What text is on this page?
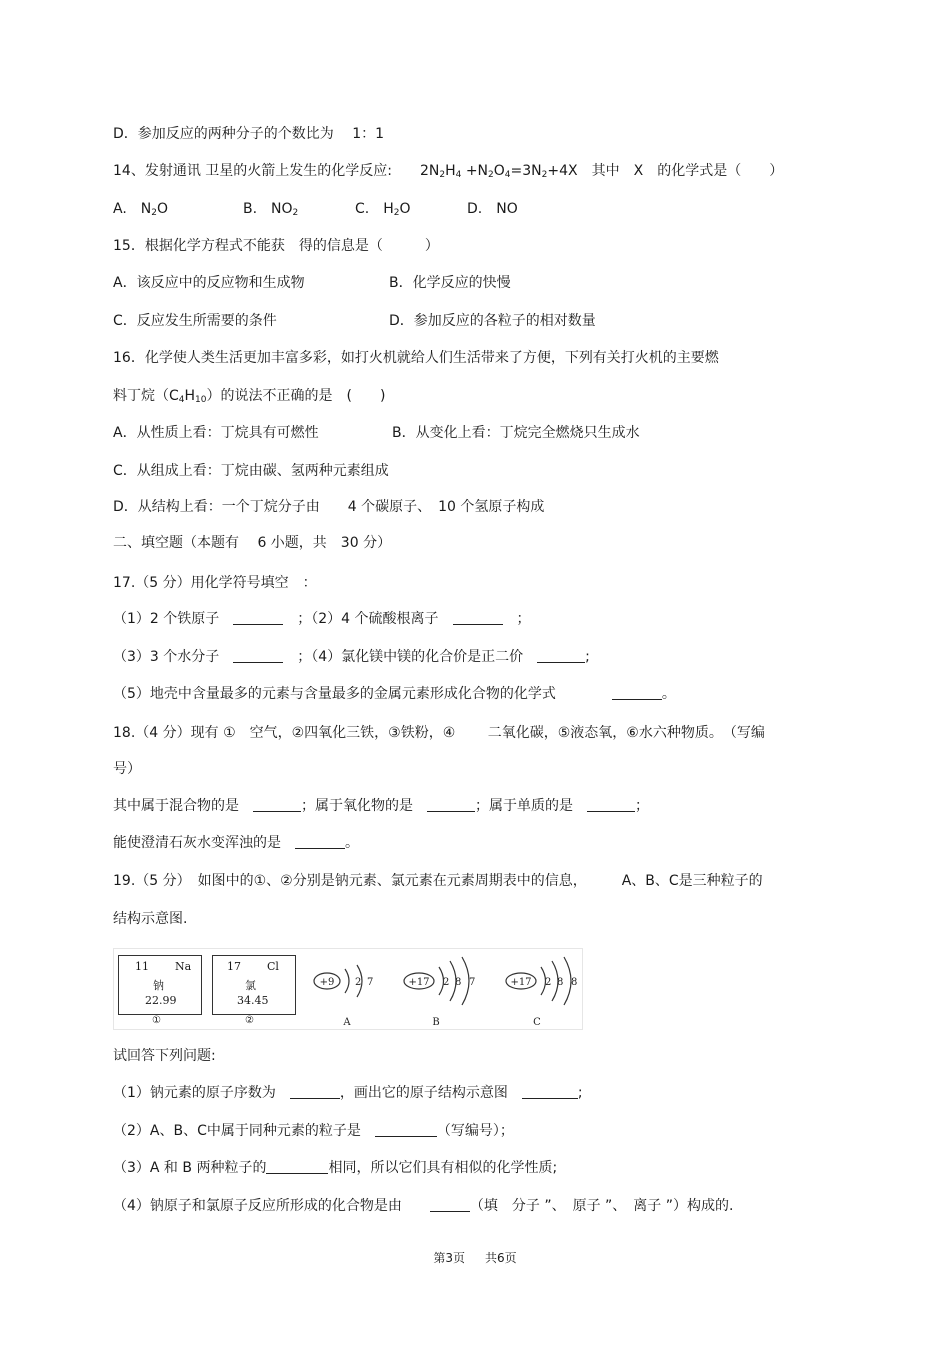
D．参加反应的两种分子的个数比为　 1：1
14、发射通讯 卫星的火箭上发生的化学反应:　　$2N_2H_4 +N_2O_4=3N_2+4X$　其中　X　的化学式是（　　）
A.　$N_2O$	B.　$NO_2$	C.　$H_2O$	D.　NO
15．根据化学方程式不能获　得的信息是（　　　）
A．该反应中的反应物和生成物	B．化学反应的快慢
C．反应发生所需要的条件	D．参加反应的各粒子的相对数量
16．化学使人类生活更加丰富多彩，如打火机就给人们生活带来了方便，下列有关打火机的主要燃
料丁烷$(C_4H_{10})$的说法不正确的是　(　　)
A．从性质上看：丁烷具有可燃性	B．从变化上看：丁烷完全燃烧只生成水
C．从组成上看：丁烷由碳、氢两种元素组成
D．从结构上看：一个丁烷分子由　　4 个碳原子、　10 个氢原子构成
二、填空题（本题有　 6 小题，共　30 分）
17.（5 分）用化学符号填空　：
（1）2 个铁原子　	　；（2）4 个硫酸根离子　	　；
（3）3 个水分子　	　；（4）氯化镁中镁的化合价是正二价　	;
（5）地壳中含量最多的元素与含量最多的金属元素形成化合物的化学式　　　　	。
18.（4 分）现有 ①　空气，②四氧化三铁，③铁粉，④　　 二氧化碳，⑤液态氧，⑥水六种物质。　（写编
号）
其中属于混合物的是　	；属于氧化物的是　	；属于单质的是　	；
能使澄清石灰水变浑浊的是　	。
19.（5 分）　如图中的①、②分别是钠元素、氯元素在元素周期表中的信息，　　　A、B、C是三种粒子的
结构示意图.
11 Na
钠
22.99
①
17 Cl
氯
34.45
②
+9 2 7
A
+17 2 8 7
B
+17 2 8 8
C
试回答下列问题:
（1）钠元素的原子序数为　	，画出它的原子结构示意图　	;
（2）A、B、C中属于同种元素的粒子是　	（写编号）；
（3）A 和 B 两种粒子的	相同，所以它们具有相似的化学性质;
（4）钠原子和氯原子反应所形成的化合物是由　　	（填　分子 ”、　原子 ”、　离子 ”）构成的.
第3页 共6页
